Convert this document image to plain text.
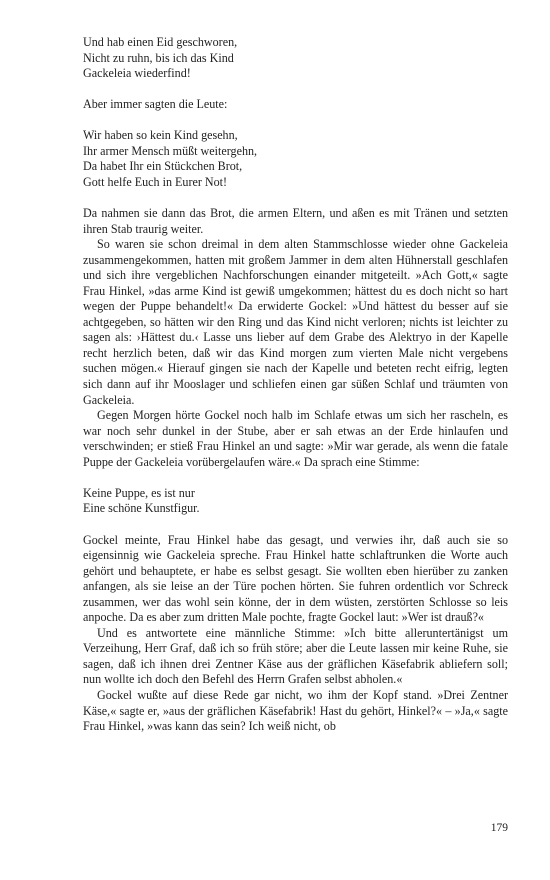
Und hab einen Eid geschworen,
Nicht zu ruhn, bis ich das Kind
Gackeleia wiederfind!
Aber immer sagten die Leute:
Wir haben so kein Kind gesehn,
Ihr armer Mensch müßt weitergehn,
Da habet Ihr ein Stückchen Brot,
Gott helfe Euch in Eurer Not!

Da nahmen sie dann das Brot, die armen Eltern, und aßen es mit Tränen und setzten ihren Stab traurig weiter.

So waren sie schon dreimal in dem alten Stammschlosse wieder ohne Gackeleia zusammengekommen, hatten mit großem Jammer in dem alten Hühnerstall geschlafen und sich ihre vergeblichen Nachforschungen einander mitgeteilt. »Ach Gott,« sagte Frau Hinkel, »das arme Kind ist gewiß umgekommen; hättest du es doch nicht so hart wegen der Puppe behandelt!« Da erwiderte Gockel: »Und hättest du besser auf sie achtgegeben, so hätten wir den Ring und das Kind nicht verloren; nichts ist leichter zu sagen als: ›Hättest du.‹ Lasse uns lieber auf dem Grabe des Alektryo in der Kapelle recht herzlich beten, daß wir das Kind morgen zum vierten Male nicht vergebens suchen mögen.« Hierauf gingen sie nach der Kapelle und beteten recht eifrig, legten sich dann auf ihr Mooslager und schliefen einen gar süßen Schlaf und träumten von Gackeleia.

Gegen Morgen hörte Gockel noch halb im Schlafe etwas um sich her rascheln, es war noch sehr dunkel in der Stube, aber er sah etwas an der Erde hinlaufen und verschwinden; er stieß Frau Hinkel an und sagte: »Mir war gerade, als wenn die fatale Puppe der Gackeleia vorübergelaufen wäre.« Da sprach eine Stimme:

Keine Puppe, es ist nur
Eine schöne Kunstfigur.

Gockel meinte, Frau Hinkel habe das gesagt, und verwies ihr, daß auch sie so eigensinnig wie Gackeleia spreche. Frau Hinkel hatte schlaftrunken die Worte auch gehört und behauptete, er habe es selbst gesagt. Sie wollten eben hierüber zu zanken anfangen, als sie leise an der Türe pochen hörten. Sie fuhren ordentlich vor Schreck zusammen, wer das wohl sein könne, der in dem wüsten, zerstörten Schlosse so leis anpoche. Da es aber zum dritten Male pochte, fragte Gockel laut: »Wer ist drauß?«

Und es antwortete eine männliche Stimme: »Ich bitte alleruntertänigst um Verzeihung, Herr Graf, daß ich so früh störe; aber die Leute lassen mir keine Ruhe, sie sagen, daß ich ihnen drei Zentner Käse aus der gräflichen Käsefabrik abliefern soll; nun wollte ich doch den Befehl des Herrn Grafen selbst abholen.«

Gockel wußte auf diese Rede gar nicht, wo ihm der Kopf stand. »Drei Zentner Käse,« sagte er, »aus der gräflichen Käsefabrik! Hast du gehört, Hinkel?« – »Ja,« sagte Frau Hinkel, »was kann das sein? Ich weiß nicht, ob

179
